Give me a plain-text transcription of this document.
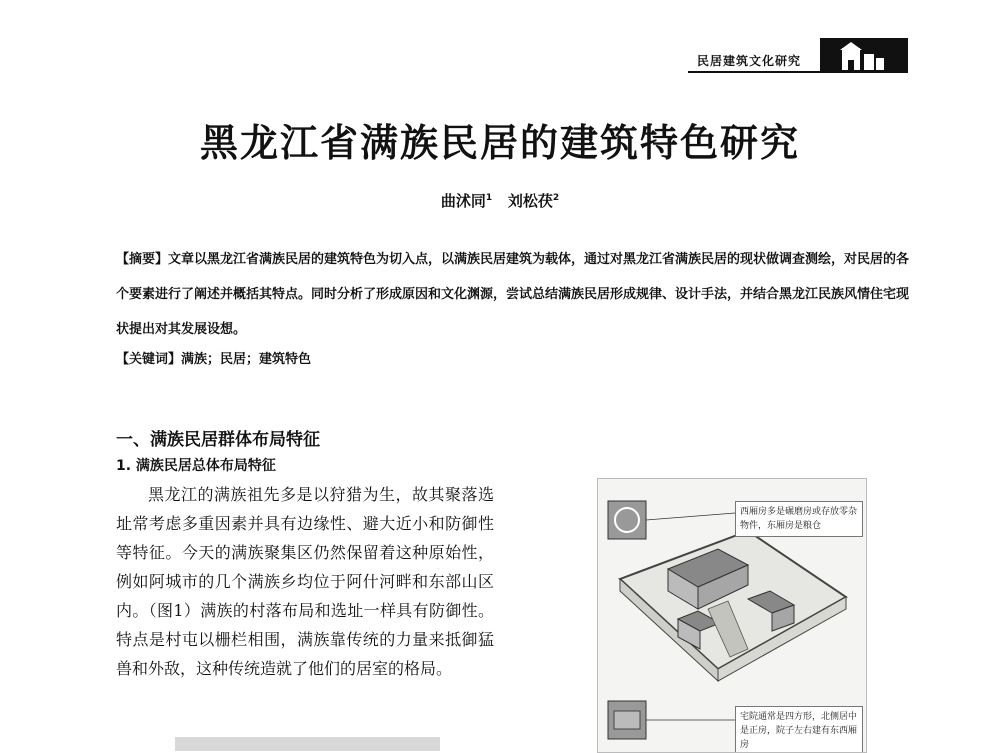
民居建筑文化研究
黑龙江省满族民居的建筑特色研究
曲沭同$^1$ 刘松茯$^2$
【摘要】文章以黑龙江省满族民居的建筑特色为切入点，以满族民居建筑为载体，通过对黑龙江省满族民居的现状做调查测绘，对民居的各个要素进行了阐述并概括其特点。同时分析了形成原因和文化渊源，尝试总结满族民居形成规律、设计手法，并结合黑龙江民族风情住宅现状提出对其发展设想。
【关键词】满族；民居；建筑特色
一、满族民居群体布局特征
1. 满族民居总体布局特征
黑龙江的满族祖先多是以狩猎为生，故其聚落选址常考虑多重因素并具有边缘性、避大近小和防御性等特征。今天的满族聚集区仍然保留着这种原始性，例如阿城市的几个满族乡均位于阿什河畔和东部山区内。（图1）满族的村落布局和选址一样具有防御性。特点是村屯以栅栏相围，满族靠传统的力量来抵御猛兽和外敌，这种传统造就了他们的居室的格局。
西厢房多是碾磨房或存放零杂物件，东厢房是粮仓
宅院通常是四方形，北侧居中是正房，院子左右建有东西厢房
